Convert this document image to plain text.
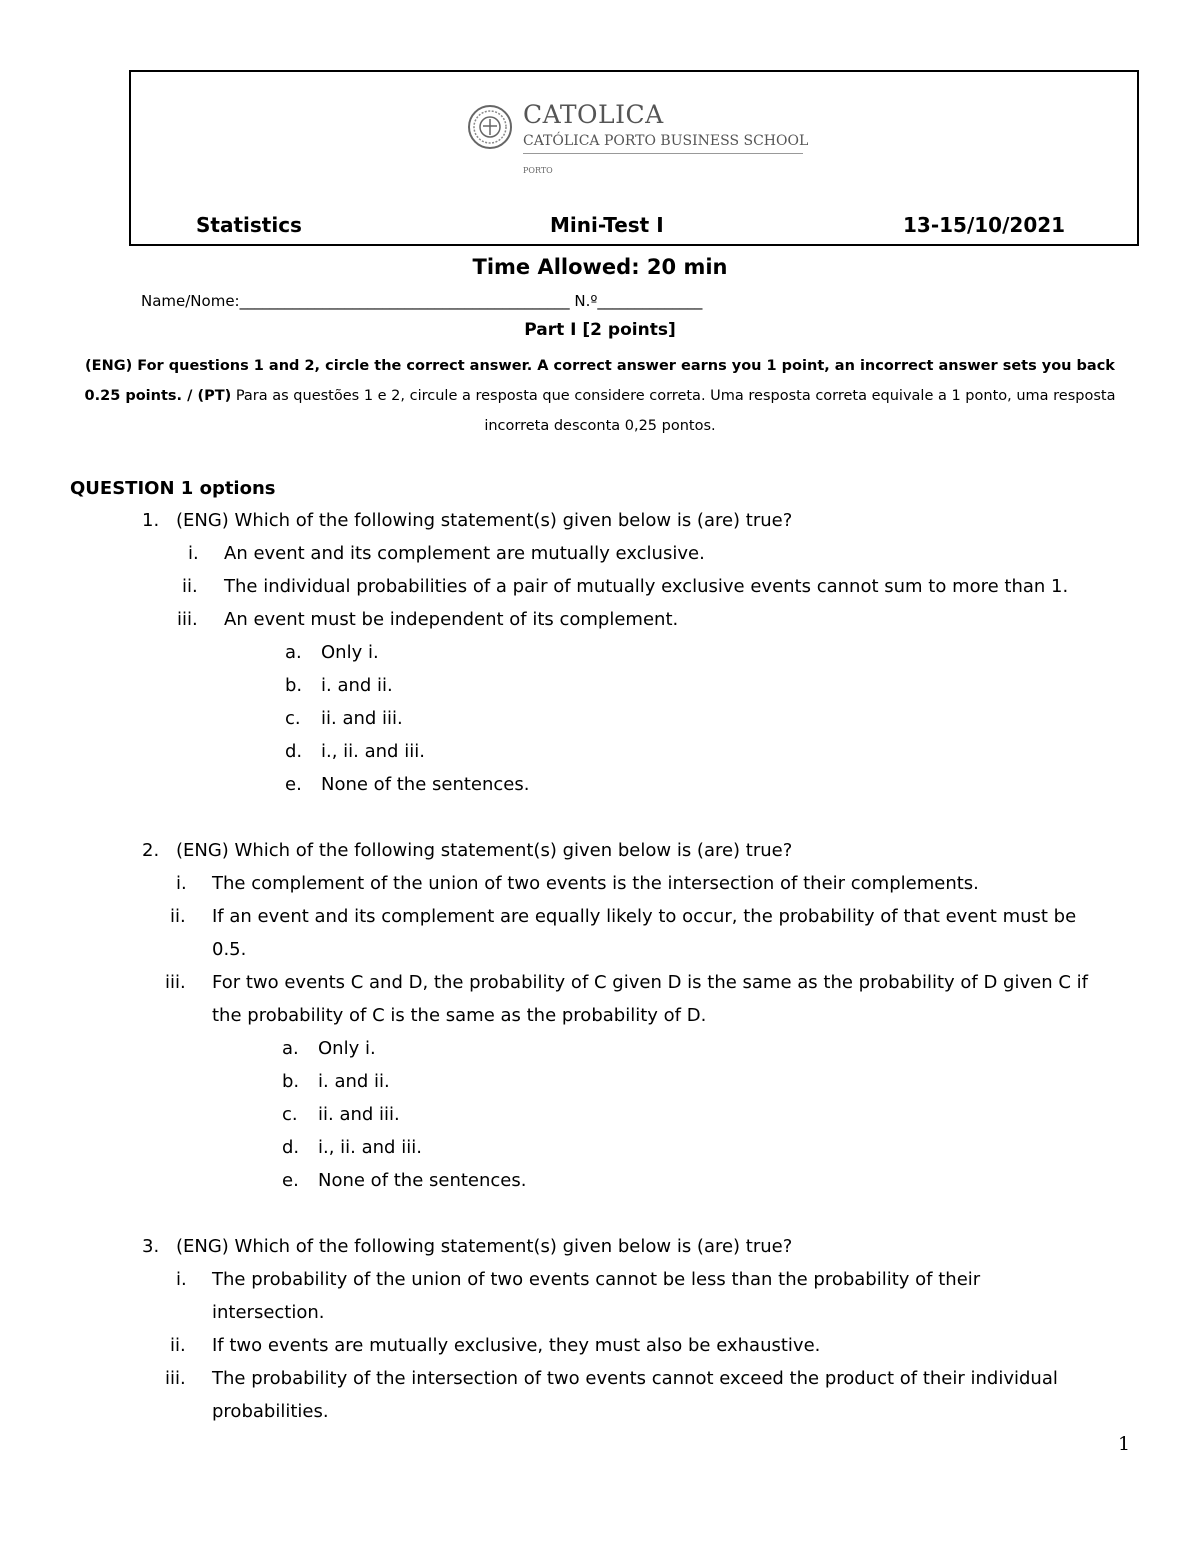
CATOLICA
CATÓLICA PORTO BUSINESS SCHOOL
PORTO
Statistics	Mini-Test I	13-15/10/2021
Time Allowed: 20 min
Name/Nome:____________________________________________ N.º______________
Part I [2 points]
(ENG) For questions 1 and 2, circle the correct answer. A correct answer earns you 1 point, an incorrect answer sets you back 0.25 points. / (PT) Para as questões 1 e 2, circule a resposta que considere correta. Uma resposta correta equivale a 1 ponto, uma resposta incorreta desconta 0,25 pontos.
QUESTION 1 options
1. (ENG) Which of the following statement(s) given below is (are) true?
i. An event and its complement are mutually exclusive.
ii. The individual probabilities of a pair of mutually exclusive events cannot sum to more than 1.
iii. An event must be independent of its complement.
a. Only i.
b. i. and ii.
c. ii. and iii.
d. i., ii. and iii.
e. None of the sentences.
2. (ENG) Which of the following statement(s) given below is (are) true?
i. The complement of the union of two events is the intersection of their complements.
ii. If an event and its complement are equally likely to occur, the probability of that event must be
0.5.
iii. For two events C and D, the probability of C given D is the same as the probability of D given C if
the probability of C is the same as the probability of D.
a. Only i.
b. i. and ii.
c. ii. and iii.
d. i., ii. and iii.
e. None of the sentences.
3. (ENG) Which of the following statement(s) given below is (are) true?
i. The probability of the union of two events cannot be less than the probability of their
intersection.
ii. If two events are mutually exclusive, they must also be exhaustive.
iii. The probability of the intersection of two events cannot exceed the product of their individual
probabilities.
1
